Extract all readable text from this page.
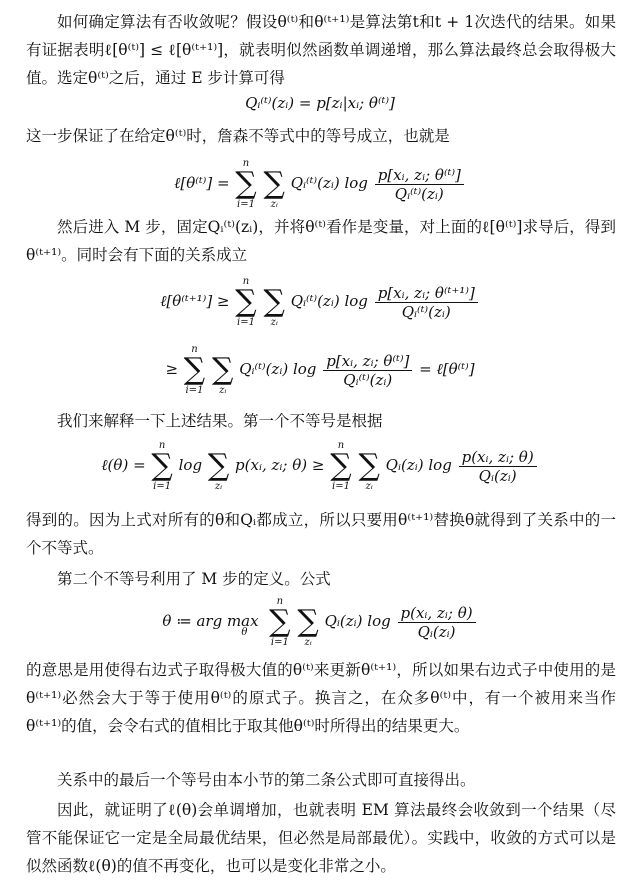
如何确定算法有否收敛呢？假设θ⁽ᵗ⁾和θ⁽ᵗ⁺¹⁾是算法第t和t + 1次迭代的结果。如果有证据表明ℓ[θ⁽ᵗ⁾] ≤ ℓ[θ⁽ᵗ⁺¹⁾]，就表明似然函数单调递增，那么算法最终总会取得极大值。选定θ⁽ᵗ⁾之后，通过 E 步计算可得

Qᵢ⁽ᵗ⁾(zᵢ) = p[zᵢ|xᵢ; θ⁽ᵗ⁾]

这一步保证了在给定θ⁽ᵗ⁾时，詹森不等式中的等号成立，也就是

ℓ[θ⁽ᵗ⁾] =
n
∑
i=1

∑
zᵢ
Qᵢ⁽ᵗ⁾(zᵢ) $\log \frac{\text{p[xᵢ, zᵢ; θ⁽ᵗ⁾]}}{\text{Qᵢ⁽ᵗ⁾(zᵢ)}}$

然后进入 M 步，固定Qᵢ⁽ᵗ⁾(zᵢ)，并将θ⁽ᵗ⁾看作是变量，对上面的ℓ[θ⁽ᵗ⁾]求导后，得到θ⁽ᵗ⁺¹⁾。同时会有下面的关系成立

ℓ[θ⁽ᵗ⁺¹⁾] ≥
n
∑
i=1

∑
zᵢ
Qᵢ⁽ᵗ⁾(zᵢ) $\log \frac{\text{p[xᵢ, zᵢ; θ⁽ᵗ⁺¹⁾]}}{\text{Qᵢ⁽ᵗ⁾(zᵢ)}}$
≥
n
∑
i=1

∑
zᵢ
Qᵢ⁽ᵗ⁾(zᵢ) $\log \frac{\text{p[xᵢ, zᵢ; θ⁽ᵗ⁾]}}{\text{Qᵢ⁽ᵗ⁾(zᵢ)}}$ = ℓ[θ⁽ᵗ⁾]

我们来解释一下上述结果。第一个不等号是根据

ℓ(θ) =
n
∑
i=1
log
∑
zᵢ
p(xᵢ, zᵢ; θ) ≥
n
∑
i=1

∑
zᵢ
Qᵢ(zᵢ) $\log \frac{\text{p(xᵢ, zᵢ; θ)}}{\text{Qᵢ(zᵢ)}}$

得到的。因为上式对所有的θ和Qᵢ都成立，所以只要用θ⁽ᵗ⁺¹⁾替换θ就得到了关系中的一个不等式。

第二个不等号利用了 M 步的定义。公式

θ ≔ arg max $_\theta$
n
∑
i=1

∑
zᵢ
Qᵢ(zᵢ) $\log \frac{\text{p(xᵢ, zᵢ; θ)}}{\text{Qᵢ(zᵢ)}}$

的意思是用使得右边式子取得极大值的θ⁽ᵗ⁾来更新θ⁽ᵗ⁺¹⁾，所以如果右边式子中使用的是θ⁽ᵗ⁺¹⁾必然会大于等于使用θ⁽ᵗ⁾的原式子。换言之，在众多θ⁽ᵗ⁾中，有一个被用来当作θ⁽ᵗ⁺¹⁾的值，会令右式的值相比于取其他θ⁽ᵗ⁾时所得出的结果更大。

关系中的最后一个等号由本小节的第二条公式即可直接得出。

因此，就证明了ℓ(θ)会单调增加，也就表明 EM 算法最终会收敛到一个结果（尽管不能保证它一定是全局最优结果，但必然是局部最优）。实践中，收敛的方式可以是似然函数ℓ(θ)的值不再变化，也可以是变化非常之小。
